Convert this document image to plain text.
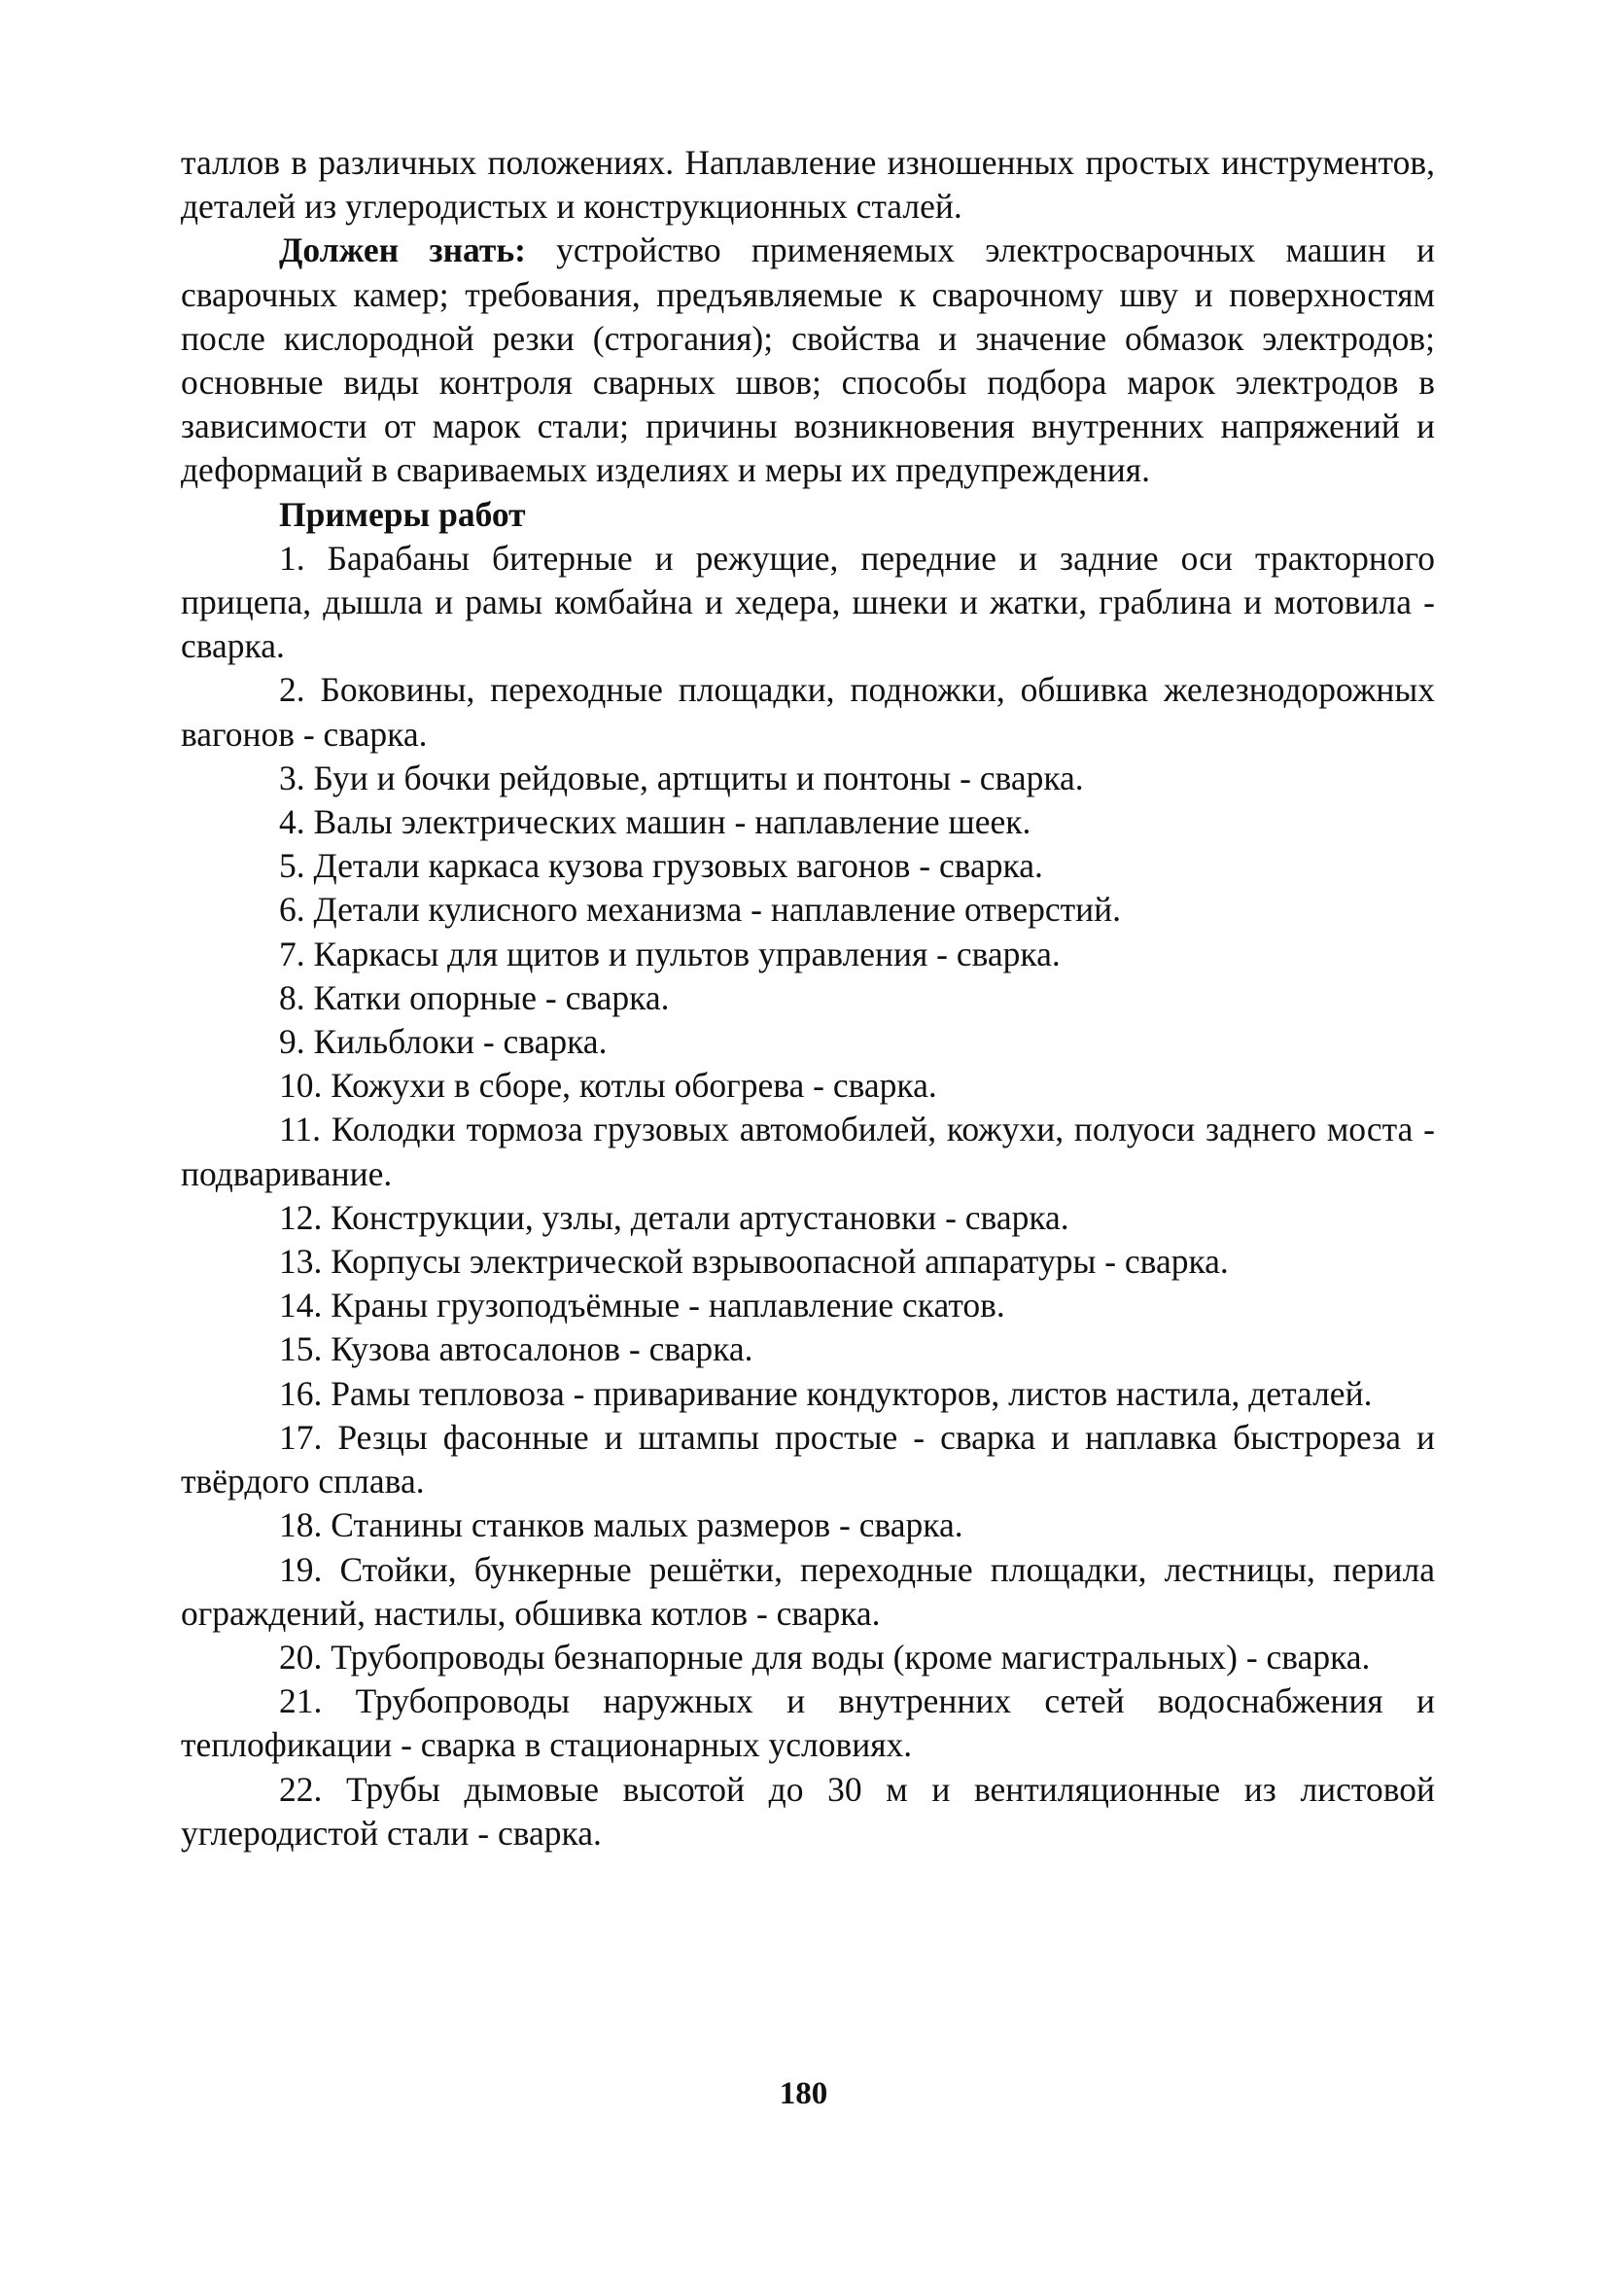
таллов в различных положениях. Наплавление изношенных простых инструментов, деталей из углеродистых и конструкционных сталей.

Должен знать: устройство применяемых электросварочных машин и сварочных камер; требования, предъявляемые к сварочному шву и поверхностям после кислородной резки (строгания); свойства и значение обмазок электродов; основные виды контроля сварных швов; способы подбора марок электродов в зависимости от марок стали; причины возникновения внутренних напряжений и деформаций в свариваемых изделиях и меры их предупреждения.

Примеры работ

1. Барабаны битерные и режущие, передние и задние оси тракторного прицепа, дышла и рамы комбайна и хедера, шнеки и жатки, граблина и мотовила - сварка.

2. Боковины, переходные площадки, подножки, обшивка железнодорожных вагонов - сварка.

3. Буи и бочки рейдовые, артщиты и понтоны - сварка.

4. Валы электрических машин - наплавление шеек.

5. Детали каркаса кузова грузовых вагонов - сварка.

6. Детали кулисного механизма - наплавление отверстий.

7. Каркасы для щитов и пультов управления - сварка.

8. Катки опорные - сварка.

9. Кильблоки - сварка.

10. Кожухи в сборе, котлы обогрева - сварка.

11. Колодки тормоза грузовых автомобилей, кожухи, полуоси заднего моста - подваривание.

12. Конструкции, узлы, детали артустановки - сварка.

13. Корпусы электрической взрывоопасной аппаратуры - сварка.

14. Краны грузоподъёмные - наплавление скатов.

15. Кузова автосалонов - сварка.

16. Рамы тепловоза - приваривание кондукторов, листов настила, деталей.

17. Резцы фасонные и штампы простые - сварка и наплавка быстрореза и твёрдого сплава.

18. Станины станков малых размеров - сварка.

19. Стойки, бункерные решётки, переходные площадки, лестницы, перила ограждений, настилы, обшивка котлов - сварка.

20. Трубопроводы безнапорные для воды (кроме магистральных) - сварка.

21. Трубопроводы наружных и внутренних сетей водоснабжения и теплофикации - сварка в стационарных условиях.

22. Трубы дымовые высотой до 30 м и вентиляционные из листовой углеродистой стали - сварка.

180
